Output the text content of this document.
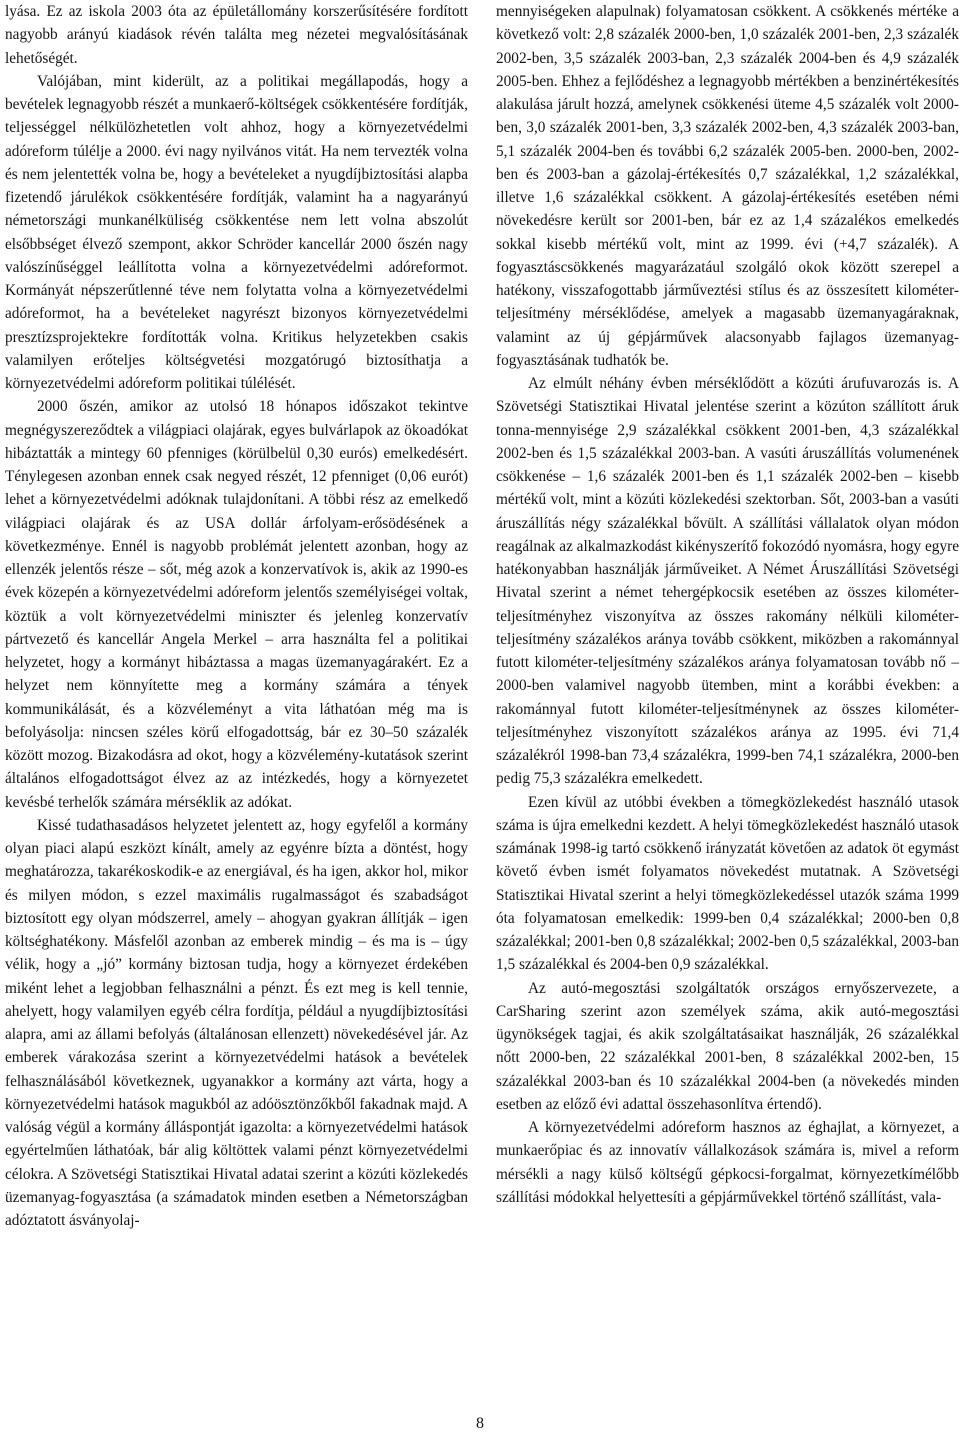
lyása. Ez az iskola 2003 óta az épületállomány korszerűsítésére fordított nagyobb arányú kiadások révén találta meg nézetei megvalósításának lehetőségét.

Valójában, mint kiderült, az a politikai megállapodás, hogy a bevételek legnagyobb részét a munkaerő-költségek csökkentésére fordítják, teljességgel nélkülözhetetlen volt ahhoz, hogy a környezetvédelmi adóreform túlélje a 2000. évi nagy nyilvános vitát. Ha nem tervezték volna és nem jelentették volna be, hogy a bevételeket a nyugdíjbiztosítási alapba fizetendő járulékok csökkentésére fordítják, valamint ha a nagyarányú németországi munkanélküliség csökkentése nem lett volna abszolút elsőbbséget élvező szempont, akkor Schröder kancellár 2000 őszén nagy valószínűséggel leállította volna a környezetvédelmi adóreformot. Kormányát népszerűtlenné téve nem folytatta volna a környezetvédelmi adóreformot, ha a bevételeket nagyrészt bizonyos környezetvédelmi presztízsprojektekre fordították volna. Kritikus helyzetekben csakis valamilyen erőteljes költségvetési mozgatórugó biztosíthatja a környezetvédelmi adóreform politikai túlélését.

2000 őszén, amikor az utolsó 18 hónapos időszakot tekintve megnégyszereződtek a világpiaci olajárak, egyes bulvárlapok az ökoadókat hibáztatták a mintegy 60 pfenniges (körülbelül 0,30 eurós) emelkedésért. Ténylegesen azonban ennek csak negyed részét, 12 pfenniget (0,06 eurót) lehet a környezetvédelmi adóknak tulajdonítani. A többi rész az emelkedő világpiaci olajárak és az USA dollár árfolyam-erősödésének a következménye. Ennél is nagyobb problémát jelentett azonban, hogy az ellenzék jelentős része – sőt, még azok a konzervatívok is, akik az 1990-es évek közepén a környezetvédelmi adóreform jelentős személyiségei voltak, köztük a volt környezetvédelmi miniszter és jelenleg konzervatív pártvezető és kancellár Angela Merkel – arra használta fel a politikai helyzetet, hogy a kormányt hibáztassa a magas üzemanyagárakért. Ez a helyzet nem könnyítette meg a kormány számára a tények kommunikálását, és a közvéleményt a vita láthatóan még ma is befolyásolja: nincsen széles körű elfogadottság, bár ez 30–50 százalék között mozog. Bizakodásra ad okot, hogy a közvélemény-kutatások szerint általános elfogadottságot élvez az az intézkedés, hogy a környezetet kevésbé terhelők számára mérséklik az adókat.

Kissé tudathasadásos helyzetet jelentett az, hogy egyfelől a kormány olyan piaci alapú eszközt kínált, amely az egyénre bízta a döntést, hogy meghatározza, takarékoskodik-e az energiával, és ha igen, akkor hol, mikor és milyen módon, s ezzel maximális rugalmasságot és szabadságot biztosított egy olyan módszerrel, amely – ahogyan gyakran állítják – igen költséghatékony. Másfelől azonban az emberek mindig – és ma is – úgy vélik, hogy a „jó” kormány biztosan tudja, hogy a környezet érdekében miként lehet a legjobban felhasználni a pénzt. És ezt meg is kell tennie, ahelyett, hogy valamilyen egyéb célra fordítja, például a nyugdíjbiztosítási alapra, ami az állami befolyás (általánosan ellenzett) növekedésével jár. Az emberek várakozása szerint a környezetvédelmi hatások a bevételek felhasználásából következnek, ugyanakkor a kormány azt várta, hogy a környezetvédelmi hatások magukból az adóösztönzőkből fakadnak majd. A valóság végül a kormány álláspontját igazolta: a környezetvédelmi hatások egyértelműen láthatóak, bár alig költöttek valami pénzt környezetvédelmi célokra. A Szövetségi Statisztikai Hivatal adatai szerint a közúti közlekedés üzemanyag-fogyasztása (a számadatok minden esetben a Németországban adóztatott ásványolaj-

mennyiségeken alapulnak) folyamatosan csökkent. A csökkenés mértéke a következő volt: 2,8 százalék 2000-ben, 1,0 százalék 2001-ben, 2,3 százalék 2002-ben, 3,5 százalék 2003-ban, 2,3 százalék 2004-ben és 4,9 százalék 2005-ben. Ehhez a fejlődéshez a legnagyobb mértékben a benzinértékesítés alakulása járult hozzá, amelynek csökkenési üteme 4,5 százalék volt 2000-ben, 3,0 százalék 2001-ben, 3,3 százalék 2002-ben, 4,3 százalék 2003-ban, 5,1 százalék 2004-ben és további 6,2 százalék 2005-ben. 2000-ben, 2002-ben és 2003-ban a gázolaj-értékesítés 0,7 százalékkal, 1,2 százalékkal, illetve 1,6 százalékkal csökkent. A gázolaj-értékesítés esetében némi növekedésre került sor 2001-ben, bár ez az 1,4 százalékos emelkedés sokkal kisebb mértékű volt, mint az 1999. évi (+4,7 százalék). A fogyasztáscsökkenés magyarázatául szolgáló okok között szerepel a hatékony, visszafogottabb járműveztési stílus és az összesített kilométer-teljesítmény mérséklődése, amelyek a magasabb üzemanyagáraknak, valamint az új gépjárművek alacsonyabb fajlagos üzemanyag-fogyasztásának tudhatók be.

Az elmúlt néhány évben mérséklődött a közúti árufuvarozás is. A Szövetségi Statisztikai Hivatal jelentése szerint a közúton szállított áruk tonna-mennyisége 2,9 százalékkal csökkent 2001-ben, 4,3 százalékkal 2002-ben és 1,5 százalékkal 2003-ban. A vasúti áruszállítás volumenének csökkenése – 1,6 százalék 2001-ben és 1,1 százalék 2002-ben – kisebb mértékű volt, mint a közúti közlekedési szektorban. Sőt, 2003-ban a vasúti áruszállítás négy százalékkal bővült. A szállítási vállalatok olyan módon reagálnak az alkalmazkodást kikényszerítő fokozódó nyomásra, hogy egyre hatékonyabban használják járműveiket. A Német Áruszállítási Szövetségi Hivatal szerint a német tehergépkocsik esetében az összes kilométer-teljesítményhez viszonyítva az összes rakomány nélküli kilométer-teljesítmény százalékos aránya tovább csökkent, miközben a rakománnyal futott kilométer-teljesítmény százalékos aránya folyamatosan tovább nő – 2000-ben valamivel nagyobb ütemben, mint a korábbi években: a rakománnyal futott kilométer-teljesítménynek az összes kilométer-teljesítményhez viszonyított százalékos aránya az 1995. évi 71,4 százalékról 1998-ban 73,4 százalékra, 1999-ben 74,1 százalékra, 2000-ben pedig 75,3 százalékra emelkedett.

Ezen kívül az utóbbi években a tömegközlekedést használó utasok száma is újra emelkedni kezdett. A helyi tömegközlekedést használó utasok számának 1998-ig tartó csökkenő irányzatát követően az adatok öt egymást követő évben ismét folyamatos növekedést mutatnak. A Szövetségi Statisztikai Hivatal szerint a helyi tömegközlekedéssel utazók száma 1999 óta folyamatosan emelkedik: 1999-ben 0,4 százalékkal; 2000-ben 0,8 százalékkal; 2001-ben 0,8 százalékkal; 2002-ben 0,5 százalékkal, 2003-ban 1,5 százalékkal és 2004-ben 0,9 százalékkal.

Az autó-megosztási szolgáltatók országos ernyőszervezete, a CarSharing szerint azon személyek száma, akik autó-megosztási ügynökségek tagjai, és akik szolgáltatásaikat használják, 26 százalékkal nőtt 2000-ben, 22 százalékkal 2001-ben, 8 százalékkal 2002-ben, 15 százalékkal 2003-ban és 10 százalékkal 2004-ben (a növekedés minden esetben az előző évi adattal összehasonlítva értendő).

A környezetvédelmi adóreform hasznos az éghajlat, a környezet, a munkaerőpiac és az innovatív vállalkozások számára is, mivel a reform mérsékli a nagy külső költségű gépkocsi-forgalmat, környezetkímélőbb szállítási módokkal helyettesíti a gépjárművekkel történő szállítást, vala-

8
